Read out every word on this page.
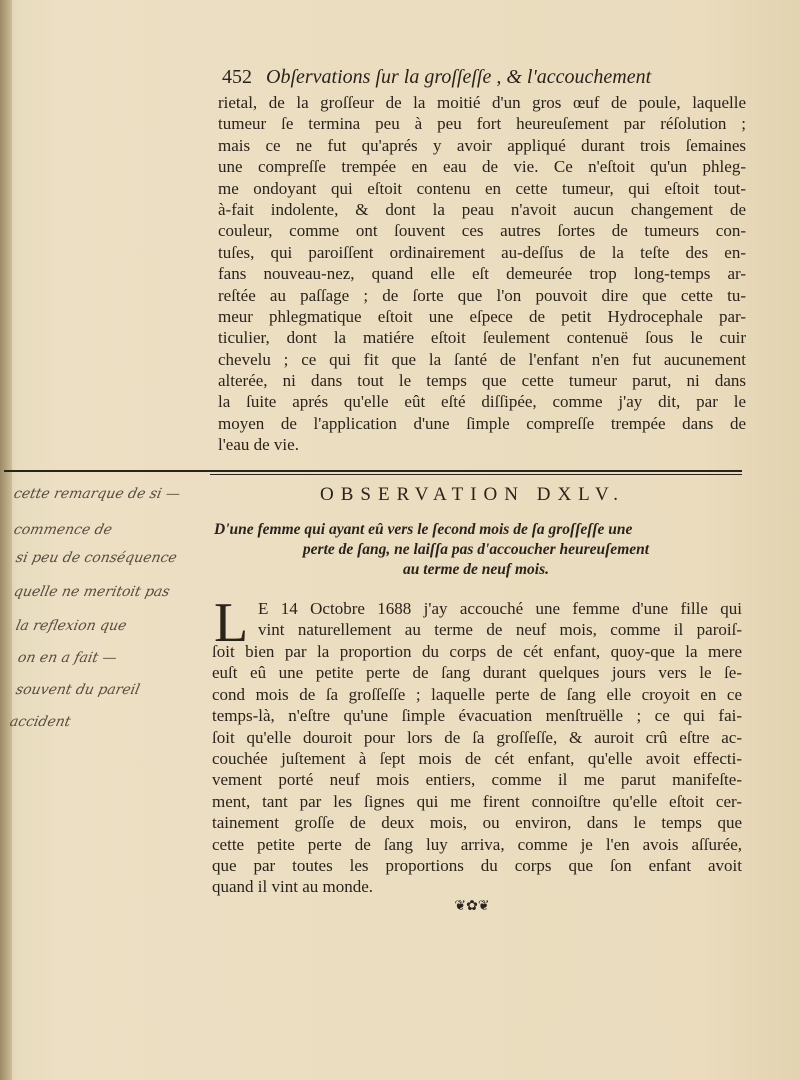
452 Obſervations ſur la groſſeſſe , & l'accouchement
rietal, de la groſſeur de la moitié d'un gros œuf de poule, laquelle
tumeur ſe termina peu à peu fort heureuſement par réſolution ;
mais ce ne fut qu'aprés y avoir appliqué durant trois ſemaines
une compreſſe trempée en eau de vie. Ce n'eſtoit qu'un phleg-
me ondoyant qui eſtoit contenu en cette tumeur, qui eſtoit tout-
à-fait indolente, & dont la peau n'avoit aucun changement de
couleur, comme ont ſouvent ces autres ſortes de tumeurs con-
tuſes, qui paroiſſent ordinairement au-deſſus de la teſte des en-
fans nouveau-nez, quand elle eſt demeurée trop long-temps ar-
reſtée au paſſage ; de ſorte que l'on pouvoit dire que cette tu-
meur phlegmatique eſtoit une eſpece de petit Hydrocephale par-
ticulier, dont la matiére eſtoit ſeulement contenuë ſous le cuir
chevelu ; ce qui fit que la ſanté de l'enfant n'en fut aucunement
alterée, ni dans tout le temps que cette tumeur parut, ni dans
la ſuite aprés qu'elle eût eſté diſſipée, comme j'ay dit, par le
moyen de l'application d'une ſimple compreſſe trempée dans de
l'eau de vie.
OBSERVATION DXLV.
D'une femme qui ayant eû vers le ſecond mois de ſa groſſeſſe une
perte de ſang, ne laiſſa pas d'accoucher heureuſement
au terme de neuf mois.
L E 14 Octobre 1688 j'ay accouché une femme d'une fille qui
vint naturellement au terme de neuf mois, comme il paroiſ-
ſoit bien par la proportion du corps de cét enfant, quoy-que la mere
euſt eû une petite perte de ſang durant quelques jours vers le ſe-
cond mois de ſa groſſeſſe ; laquelle perte de ſang elle croyoit en ce
temps-là, n'eſtre qu'une ſimple évacuation menſtruëlle ; ce qui fai-
ſoit qu'elle douroit pour lors de ſa groſſeſſe, & auroit crû eſtre ac-
couchée juſtement à ſept mois de cét enfant, qu'elle avoit effecti-
vement porté neuf mois entiers, comme il me parut manifeſte-
ment, tant par les ſignes qui me firent connoiſtre qu'elle eſtoit cer-
tainement groſſe de deux mois, ou environ, dans le temps que
cette petite perte de ſang luy arriva, comme je l'en avois aſſurée,
que par toutes les proportions du corps que ſon enfant avoit
quand il vint au monde.
cette remarque de si —
commence de
si peu de conséquence
quelle ne meritoit pas
la reflexion que
on en a fait —
souvent du pareil
accident
❦✿❦
